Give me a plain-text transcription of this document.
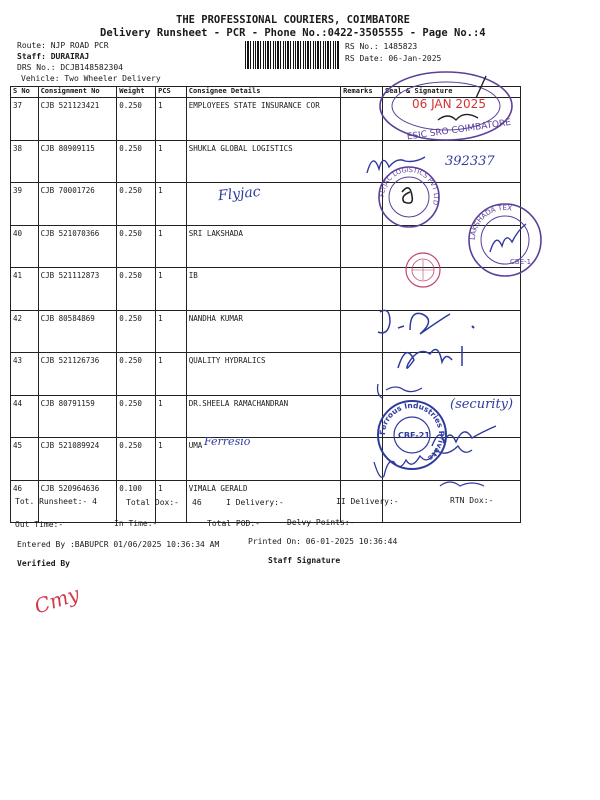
THE PROFESSIONAL COURIERS, COIMBATORE
Delivery Runsheet - PCR - Phone No.:0422-3505555 - Page No.:4
Route: NJP ROAD PCR
Staff: DURAIRAJ
DRS No.: DCJB148582304
Vehicle: Two Wheeler Delivery
RS No.: 1485823
RS Date: 06-Jan-2025
S No	Consignment No	Weight	PCS	Consignee Details	Remarks	Seal & Signature
37	CJB 521123421	0.250	1	EMPLOYEES STATE INSURANCE COR		
38	CJB 80909115	0.250	1	SHUKLA GLOBAL LOGISTICS		
39	CJB 70001726	0.250	1			
40	CJB 521070366	0.250	1	SRI LAKSHADA		
41	CJB 521112873	0.250	1	IB		
42	CJB 80584869	0.250	1	NANDHA KUMAR		
43	CJB 521126736	0.250	1	QUALITY HYDRALICS		
44	CJB 80791159	0.250	1	DR.SHEELA RAMACHANDRAN		
45	CJB 521089924	0.250	1	UMA		
46	CJB 520964636	0.100	1	VIMALA GERALD		
Flyjac
Ferresio
06 JAN 2025
ESIC SRO COIMBATORE
392337
FLYJAC LOGISTICS PVT LTD
LAKSHADA TEX
CBE-1
(security)
Ferrous Industries Private
CBE-21
Tot. Runsheet:- 4	Total Dox:- 46	I Delivery:-	II Delivery:-	RTN Dox:-
Out Time:-	In Time:-	Total POD:-	Delvy Points:-
Entered By :BABUPCR 01/06/2025 10:36:34 AM	Printed On: 06-01-2025 10:36:44
Verified By	Staff Signature
Cmy
